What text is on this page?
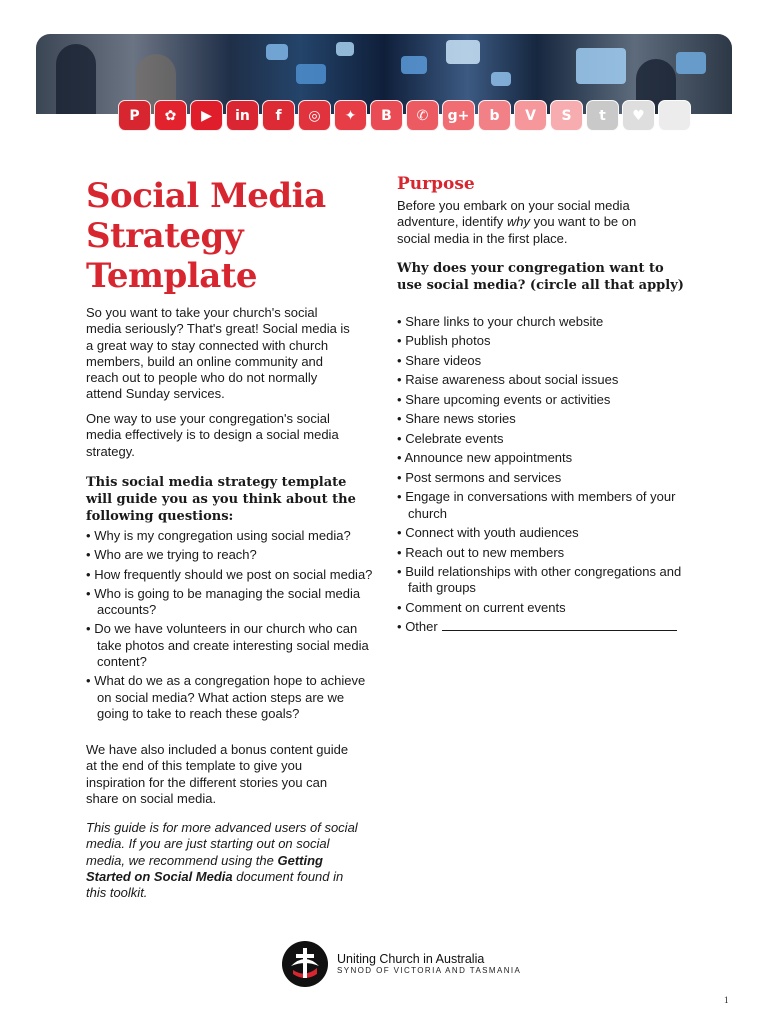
P	✿	▶	in	f	◎	✦	B	✆	g+	b	V	S	t	♥
Social Media
Strategy
Template

So you want to take your church's social media seriously? That's great! Social media is a great way to stay connected with church members, build an online community and reach out to people who do not normally attend Sunday services.

One way to use your congregation's social media effectively is to design a social media strategy.

This social media strategy template will guide you as you think about the following questions:
• Why is my congregation using social media?
• Who are we trying to reach?
• How frequently should we post on social media?
• Who is going to be managing the social media accounts?
• Do we have volunteers in our church who can take photos and create interesting social media content?
• What do we as a congregation hope to achieve on social media? What action steps are we going to take to reach these goals?

We have also included a bonus content guide at the end of this template to give you inspiration for the different stories you can share on social media.

This guide is for more advanced users of social media. If you are just starting out on social media, we recommend using the Getting Started on Social Media document found in this toolkit.

Purpose

Before you embark on your social media adventure, identify why you want to be on social media in the first place.

Why does your congregation want to use social media? (circle all that apply)
• Share links to your church website
• Publish photos
• Share videos
• Raise awareness about social issues
• Share upcoming events or activities
• Share news stories
• Celebrate events
• Announce new appointments
• Post sermons and services
• Engage in conversations with members of your church
• Connect with youth audiences
• Reach out to new members
• Build relationships with other congregations and faith groups
• Comment on current events
• Other
Uniting Church in Australia
SYNOD OF VICTORIA AND TASMANIA
1
